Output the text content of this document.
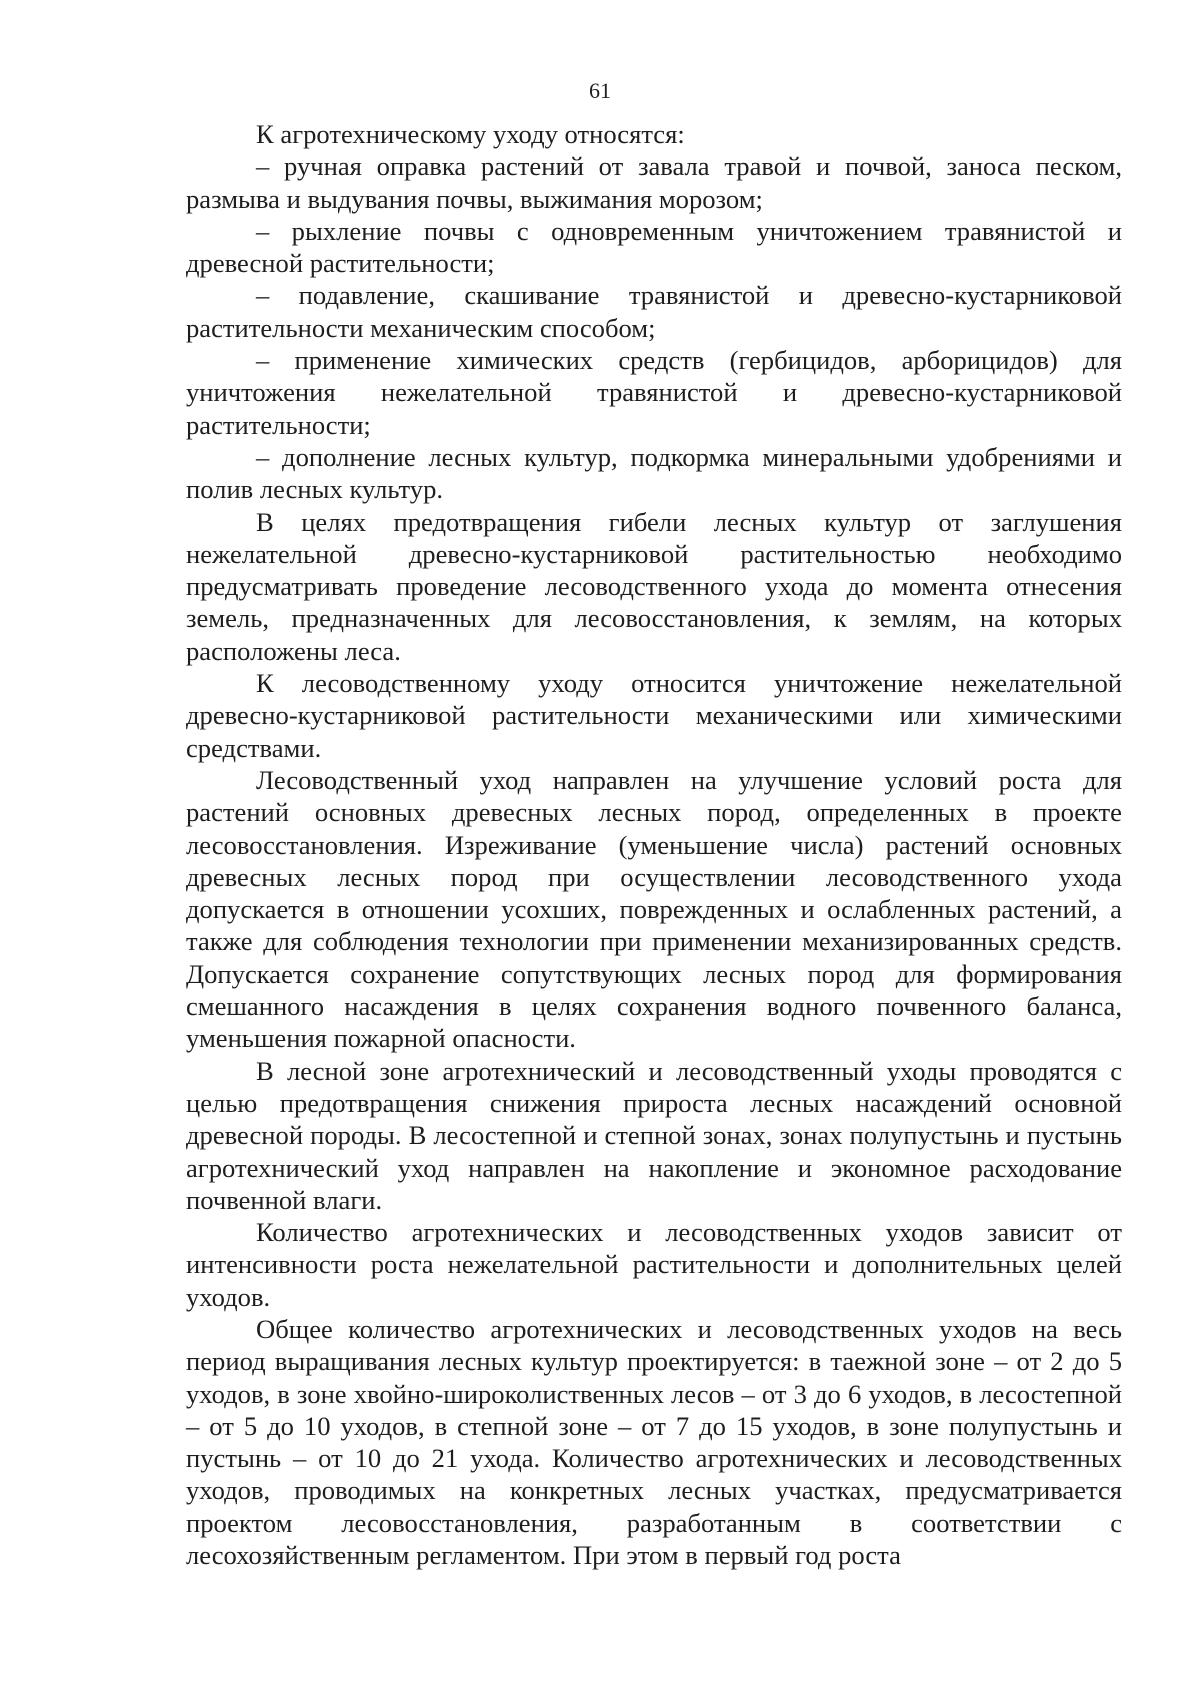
61

К агротехническому уходу относятся:

– ручная оправка растений от завала травой и почвой, заноса песком, размыва и выдувания почвы, выжимания морозом;

– рыхление почвы с одновременным уничтожением травянистой и древесной растительности;

– подавление, скашивание травянистой и древесно-кустарниковой растительности механическим способом;

– применение химических средств (гербицидов, арборицидов) для уничтожения нежелательной травянистой и древесно-кустарниковой растительности;

– дополнение лесных культур, подкормка минеральными удобрениями и полив лесных культур.

В целях предотвращения гибели лесных культур от заглушения нежелательной древесно-кустарниковой растительностью необходимо предусматривать проведение лесоводственного ухода до момента отнесения земель, предназначенных для лесовосстановления, к землям, на которых расположены леса.

К лесоводственному уходу относится уничтожение нежелательной древесно-кустарниковой растительности механическими или химическими средствами.

Лесоводственный уход направлен на улучшение условий роста для растений основных древесных лесных пород, определенных в проекте лесовосстановления. Изреживание (уменьшение числа) растений основных древесных лесных пород при осуществлении лесоводственного ухода допускается в отношении усохших, поврежденных и ослабленных растений, а также для соблюдения технологии при применении механизированных средств. Допускается сохранение сопутствующих лесных пород для формирования смешанного насаждения в целях сохранения водного почвенного баланса, уменьшения пожарной опасности.

В лесной зоне агротехнический и лесоводственный уходы проводятся с целью предотвращения снижения прироста лесных насаждений основной древесной породы. В лесостепной и степной зонах, зонах полупустынь и пустынь агротехнический уход направлен на накопление и экономное расходование почвенной влаги.

Количество агротехнических и лесоводственных уходов зависит от интенсивности роста нежелательной растительности и дополнительных целей уходов.

Общее количество агротехнических и лесоводственных уходов на весь период выращивания лесных культур проектируется: в таежной зоне – от 2 до 5 уходов, в зоне хвойно-широколиственных лесов – от 3 до 6 уходов, в лесостепной – от 5 до 10 уходов, в степной зоне – от 7 до 15 уходов, в зоне полупустынь и пустынь – от 10 до 21 ухода. Количество агротехнических и лесоводственных уходов, проводимых на конкретных лесных участках, предусматривается проектом лесовосстановления, разработанным в соответствии с лесохозяйственным регламентом. При этом в первый год роста
